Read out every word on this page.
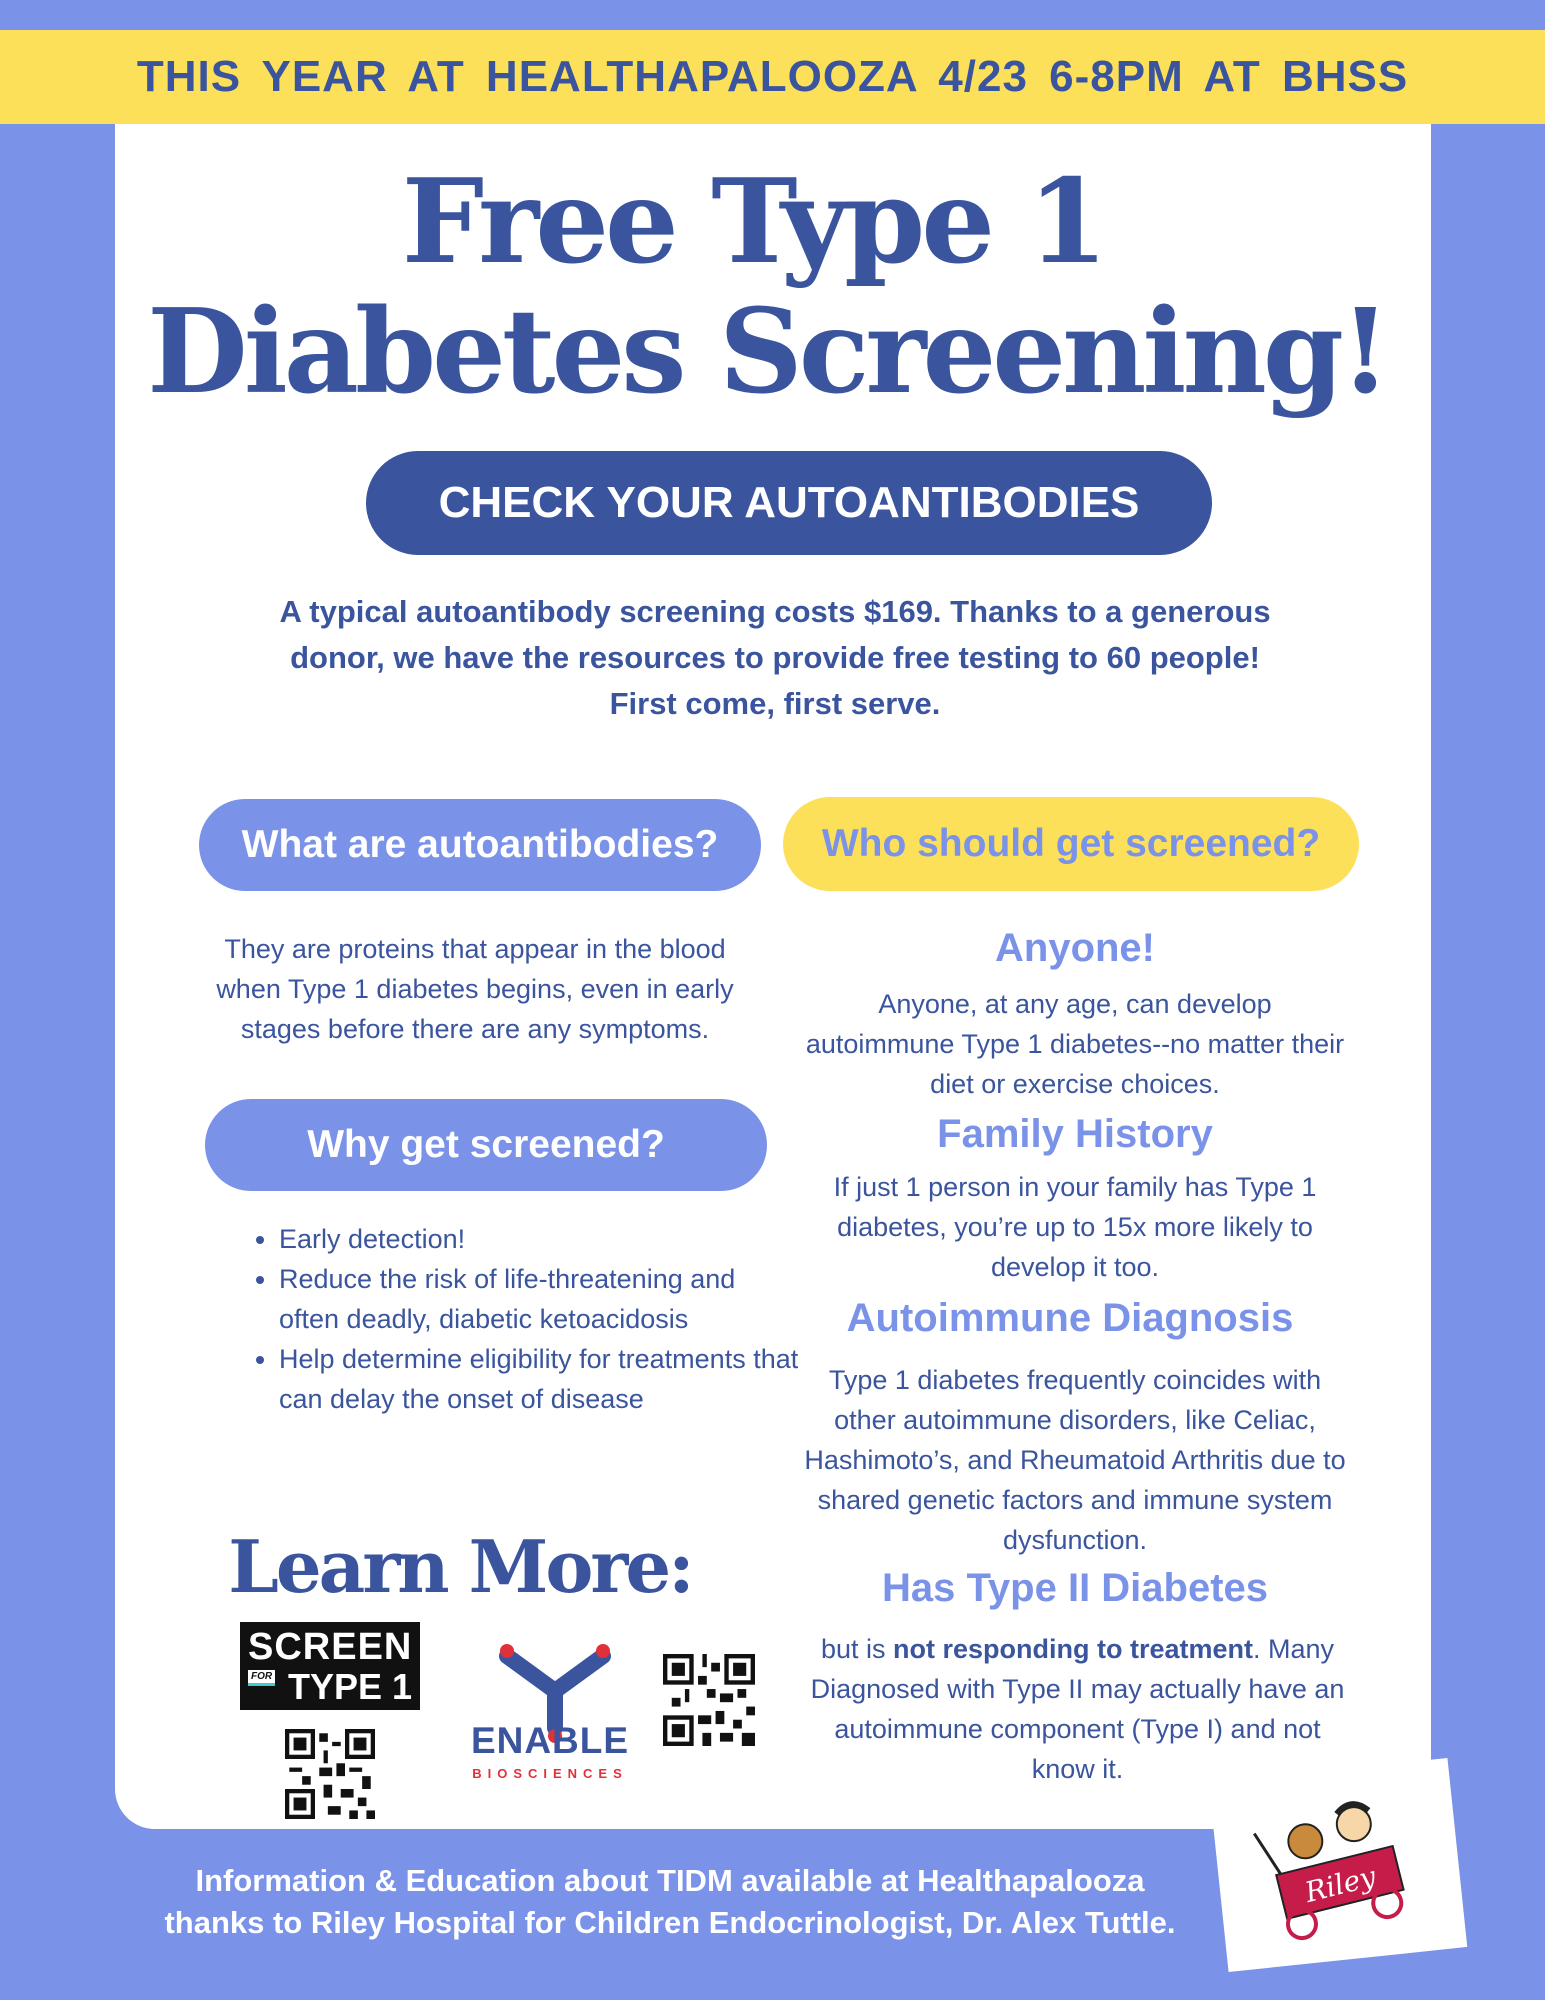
THIS YEAR AT HEALTHAPALOOZA 4/23 6-8PM AT BHSS
Free Type 1
Diabetes Screening!
CHECK YOUR AUTOANTIBODIES
A typical autoantibody screening costs $169. Thanks to a generous
donor, we have the resources to provide free testing to 60 people!
First come, first serve.
What are autoantibodies?
They are proteins that appear in the blood when Type 1 diabetes begins, even in early stages before there are any symptoms.
Why get screened?
• Early detection!
• Reduce the risk of life-threatening and often deadly, diabetic ketoacidosis
• Help determine eligibility for treatments that can delay the onset of disease
Learn More:
SCREEN
FOR TYPE 1
ENABLE
BIOSCIENCES
Who should get screened?
Anyone!
Anyone, at any age, can develop autoimmune Type 1 diabetes--no matter their diet or exercise choices.
Family History
If just 1 person in your family has Type 1 diabetes, you’re up to 15x more likely to develop it too.
Autoimmune Diagnosis
Type 1 diabetes frequently coincides with other autoimmune disorders, like Celiac, Hashimoto’s, and Rheumatoid Arthritis due to shared genetic factors and immune system dysfunction.
Has Type II Diabetes
but is not responding to treatment. Many Diagnosed with Type II may actually have an autoimmune component (Type I) and not know it.
Information & Education about TIDM available at Healthapalooza
thanks to Riley Hospital for Children Endocrinologist, Dr. Alex Tuttle.
Riley
